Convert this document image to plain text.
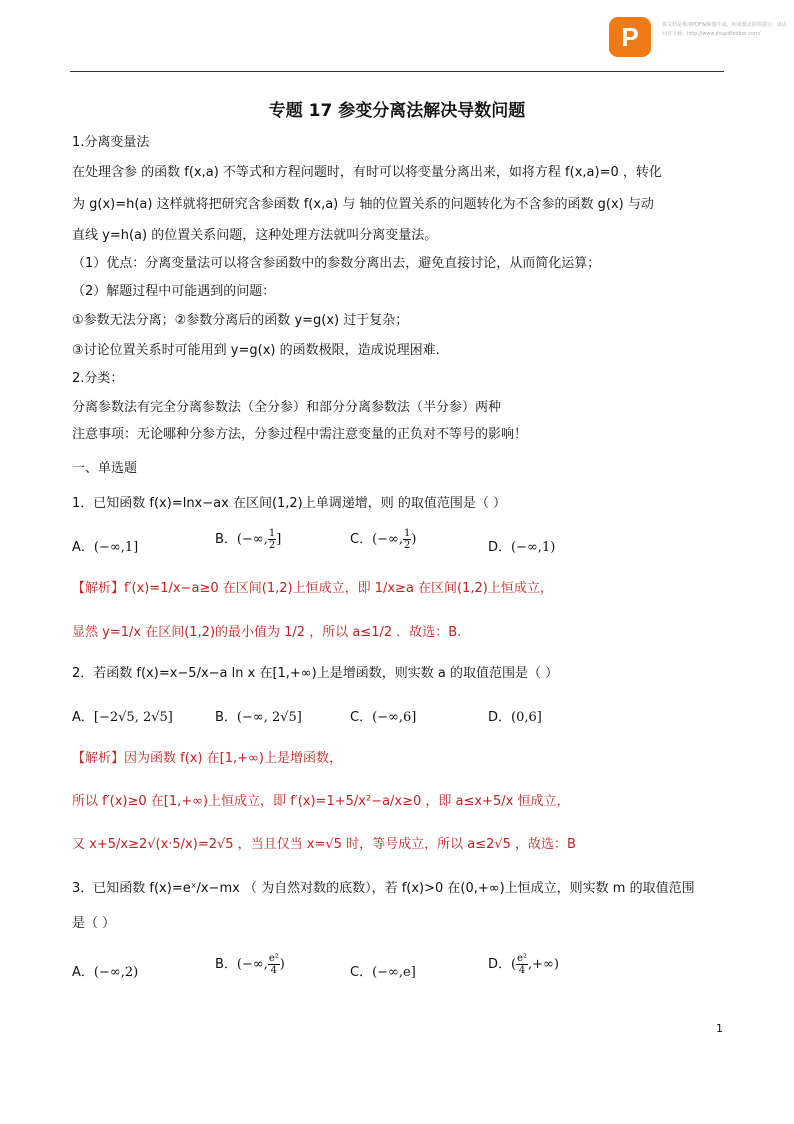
P	该文档是极速PDF编辑器生成，如果想去掉该提示，请访问并下载：http://www.jisupdfeditor.com/
专题 17 参变分离法解决导数问题
1.分离变量法
在处理含参 的函数 f(x,a) 不等式和方程问题时，有时可以将变量分离出来，如将方程 f(x,a)=0 ，转化
为 g(x)=h(a) 这样就将把研究含参函数 f(x,a) 与 轴的位置关系的问题转化为不含参的函数 g(x) 与动
直线 y=h(a) 的位置关系问题，这种处理方法就叫分离变量法。
（1）优点：分离变量法可以将含参函数中的参数分离出去，避免直接讨论，从而简化运算；
（2）解题过程中可能遇到的问题：
①参数无法分离；②参数分离后的函数 y=g(x) 过于复杂；
③讨论位置关系时可能用到 y=g(x) 的函数极限，造成说理困难.
2.分类：
分离参数法有完全分离参数法（全分参）和部分分离参数法（半分参）两种
注意事项：无论哪种分参方法，分参过程中需注意变量的正负对不等号的影响！
一、单选题
1．已知函数 f(x)=lnx−ax 在区间(1,2)上单调递增，则 的取值范围是（ ）
A．(−∞,1]
B．(−∞, $\frac{1}{2}$]	C．(−∞, $\frac{1}{2}$)
D．(−∞,1)
【解析】f′(x)=1/x−a≥0 在区间(1,2)上恒成立，即 1/x≥a 在区间(1,2)上恒成立，
显然 y=1/x 在区间(1,2)的最小值为 1/2 ，所以 a≤1/2 ．故选：B.
2．若函数 f(x)=x−5/x−a ln x 在[1,+∞)上是增函数，则实数 a 的取值范围是（ ）
A．[−2√5, 2√5]	B．(−∞, 2√5]	C．(−∞,6]	D．(0,6]
【解析】因为函数 f(x) 在[1,+∞)上是增函数，
所以 f′(x)≥0 在[1,+∞)上恒成立，即 f′(x)=1+5/x²−a/x≥0 ，即 a≤x+5/x 恒成立，
又 x+5/x≥2√(x·5/x)=2√5 ，当且仅当 x=√5 时，等号成立，所以 a≤2√5 ，故选：B
3．已知函数 f(x)=eˣ/x−mx （ 为自然对数的底数），若 f(x)>0 在(0,+∞)上恒成立，则实数 m 的取值范围
是（ ）
A．(−∞,2)
B．(−∞, $\frac{\text{e²}}{4}$)
C．(−∞,e]
D．( $\frac{\text{e²}}{4},+\infty$)
1
